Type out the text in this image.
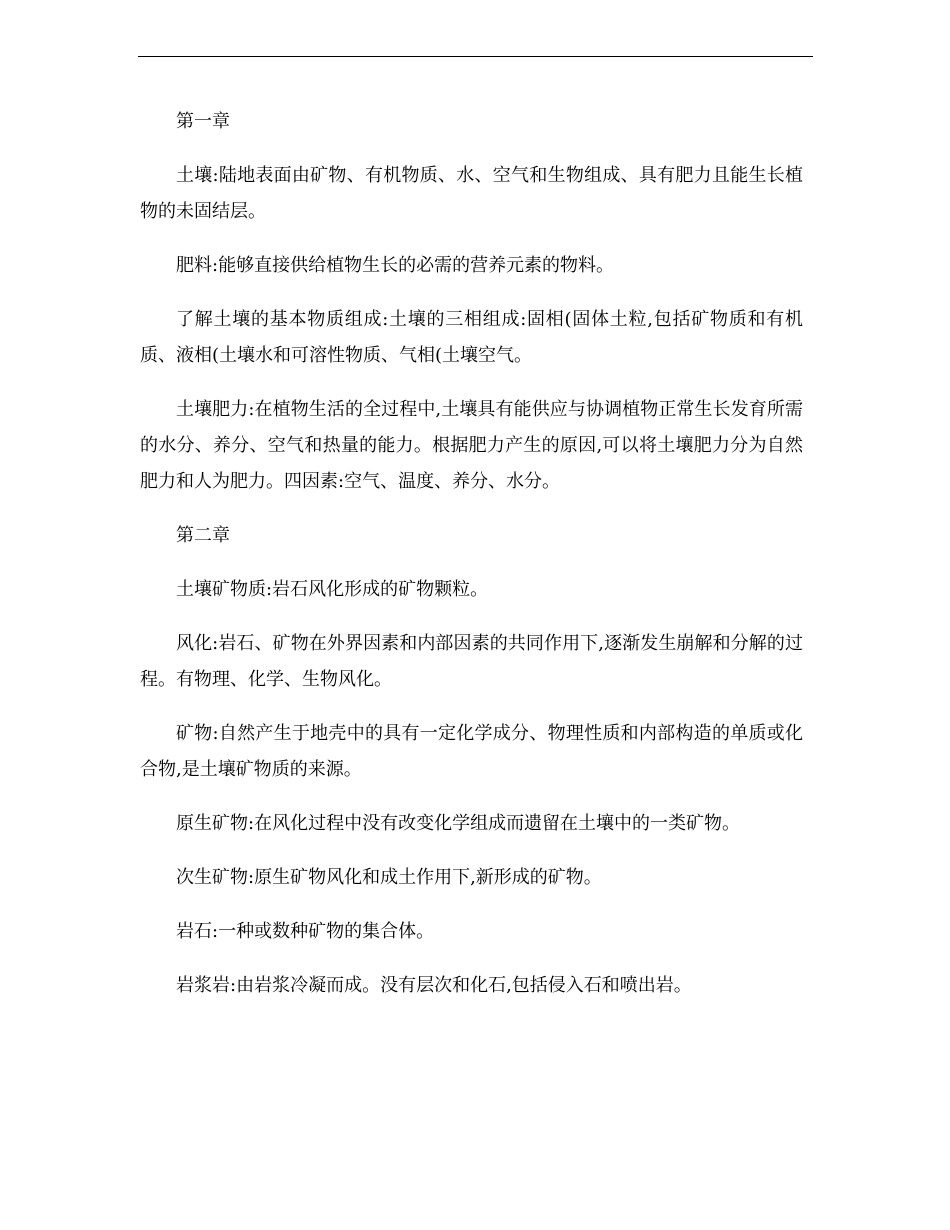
第一章

土壤:陆地表面由矿物、有机物质、水、空气和生物组成、具有肥力且能生长植物的未固结层。

肥料:能够直接供给植物生长的必需的营养元素的物料。

了解土壤的基本物质组成:土壤的三相组成:固相(固体土粒,包括矿物质和有机质、液相(土壤水和可溶性物质、气相(土壤空气。

土壤肥力:在植物生活的全过程中,土壤具有能供应与协调植物正常生长发育所需的水分、养分、空气和热量的能力。根据肥力产生的原因,可以将土壤肥力分为自然肥力和人为肥力。四因素:空气、温度、养分、水分。

第二章

土壤矿物质:岩石风化形成的矿物颗粒。

风化:岩石、矿物在外界因素和内部因素的共同作用下,逐渐发生崩解和分解的过程。有物理、化学、生物风化。

矿物:自然产生于地壳中的具有一定化学成分、物理性质和内部构造的单质或化合物,是土壤矿物质的来源。

原生矿物:在风化过程中没有改变化学组成而遗留在土壤中的一类矿物。

次生矿物:原生矿物风化和成土作用下,新形成的矿物。

岩石:一种或数种矿物的集合体。

岩浆岩:由岩浆冷凝而成。没有层次和化石,包括侵入石和喷出岩。
